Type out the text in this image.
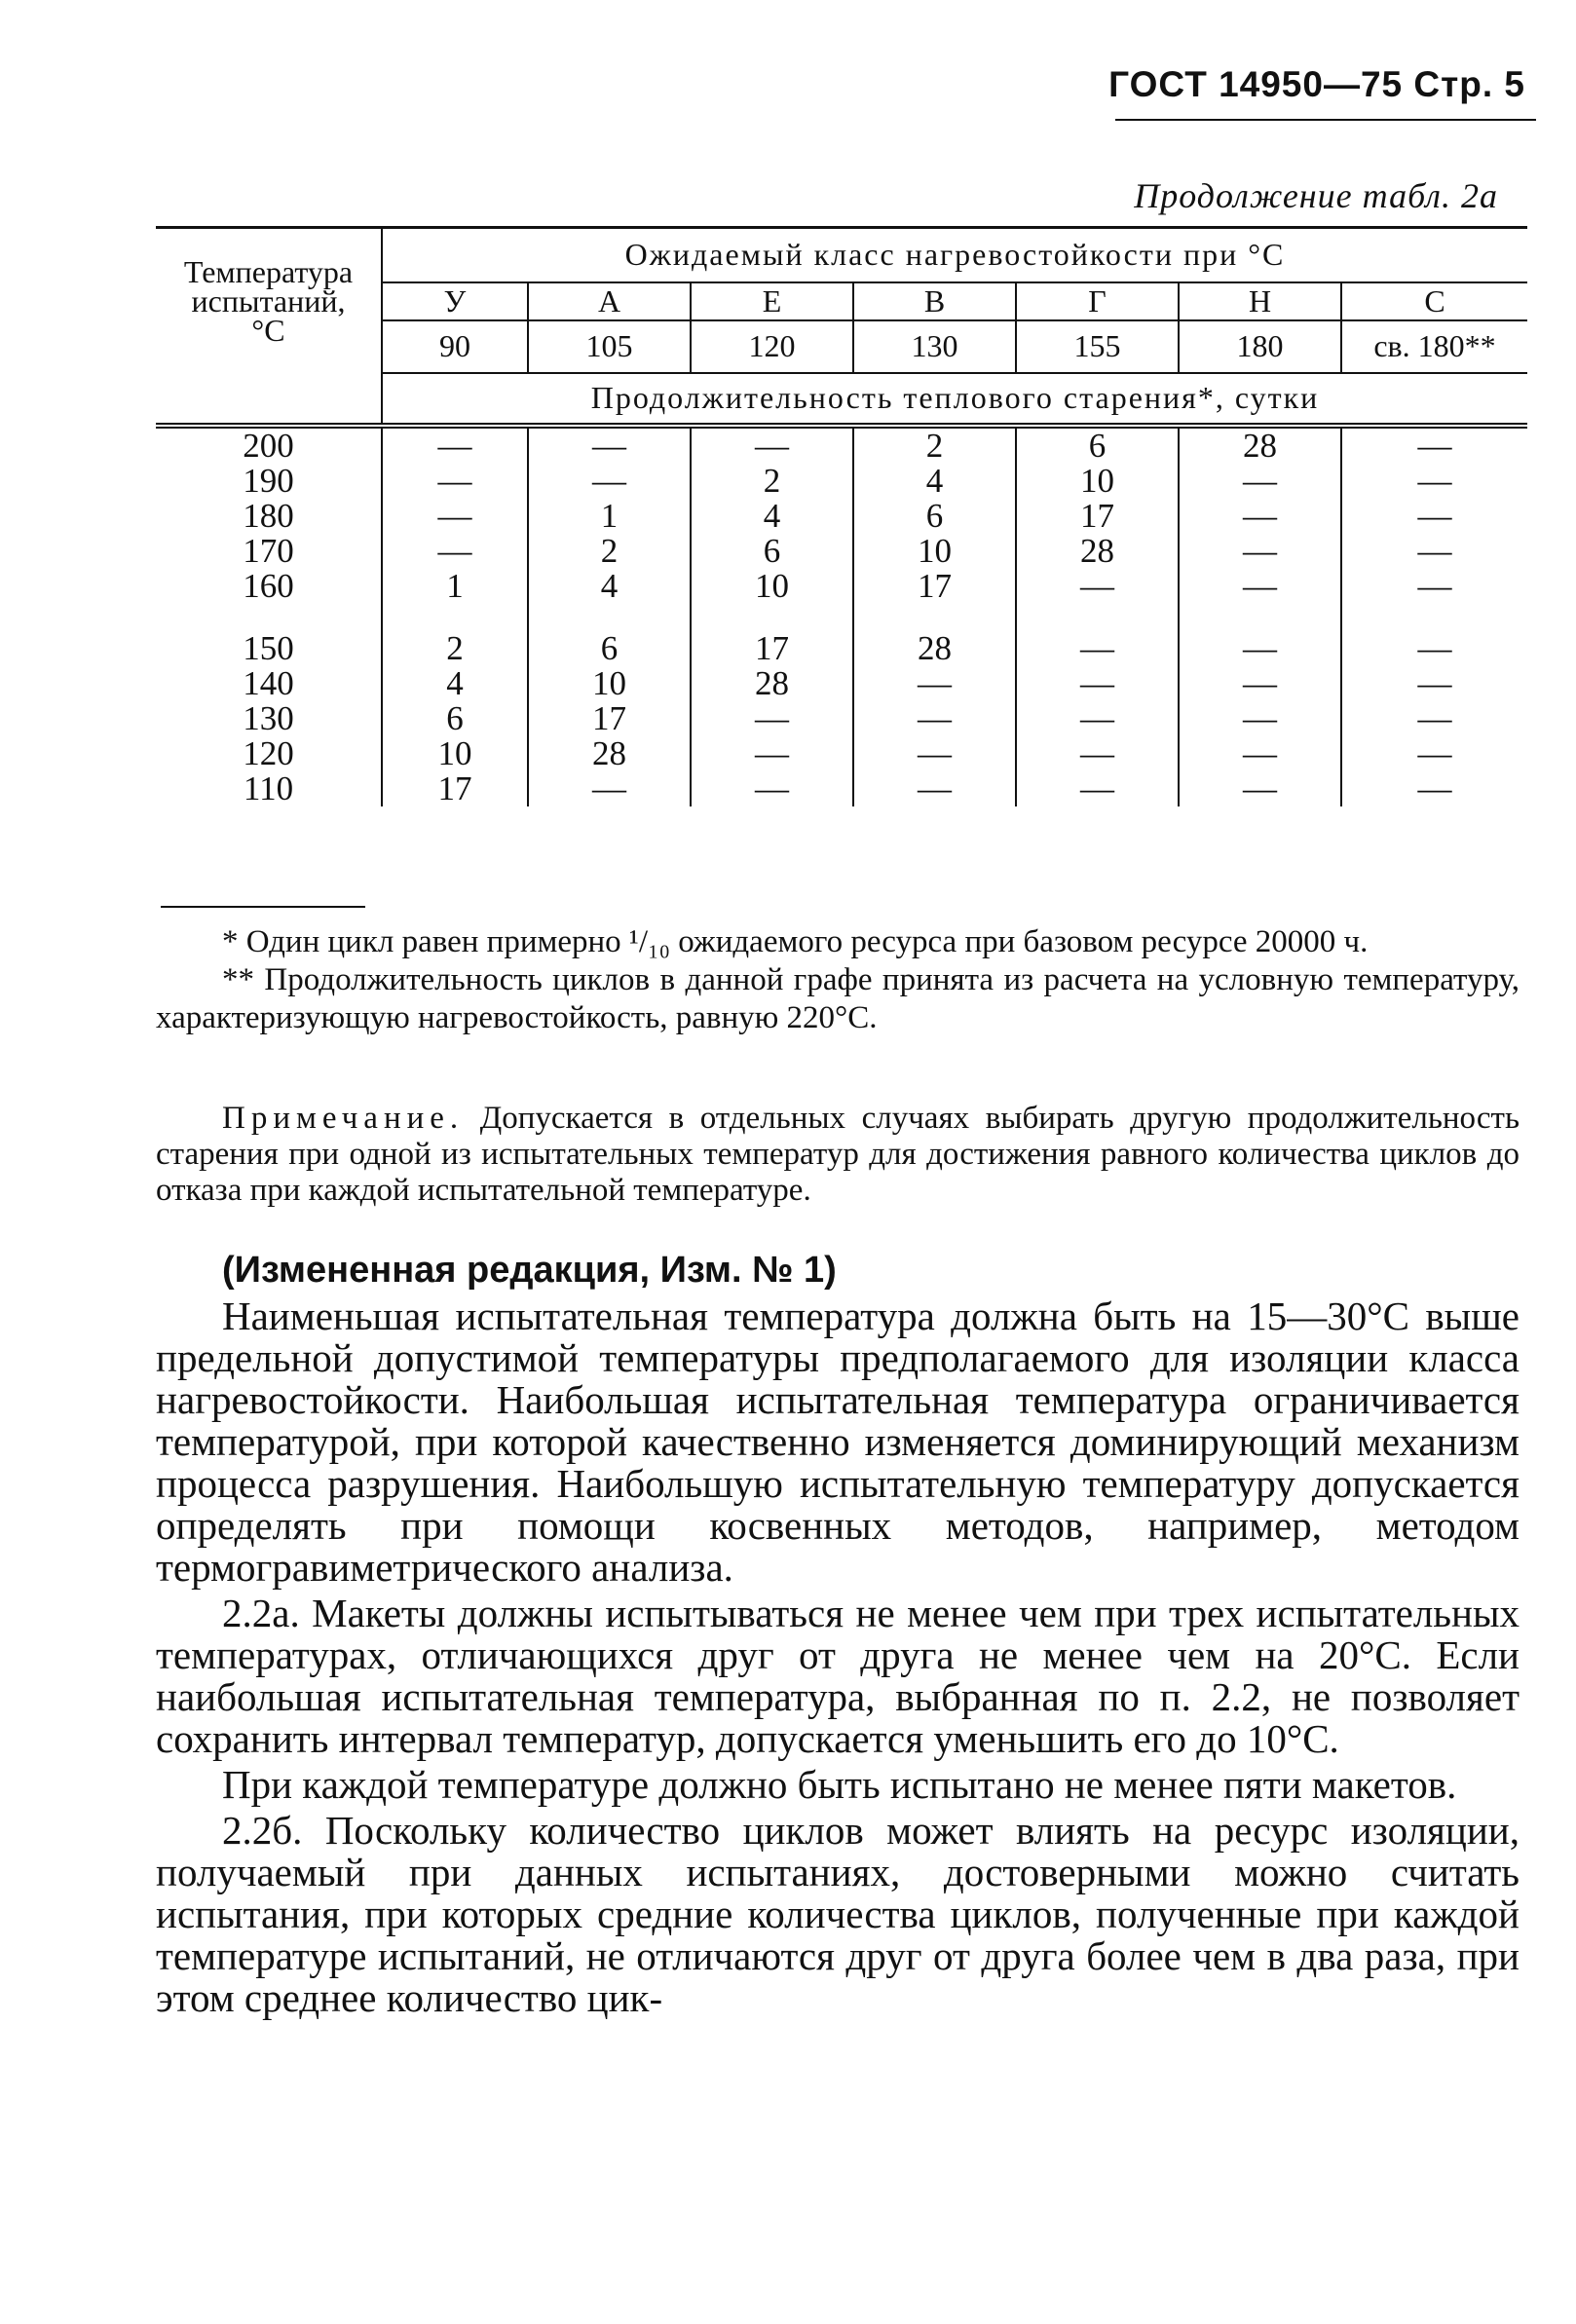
ГОСТ 14950—75 Стр. 5
Продолжение табл. 2а
Температура
испытаний,
°С	Ожидаемый класс нагревостойкости при °С						
	У	А	Е	В	Г	Н	С
	90	105	120	130	155	180	св. 180**
	Продолжительность теплового старения*, сутки						

200	—	—	—	2	6	28	—
190	—	—	2	4	10	—	—
180	—	1	4	6	17	—	—
170	—	2	6	10	28	—	—
160	1	4	10	17	—	—	—

150	2	6	17	28	—	—	—
140	4	10	28	—	—	—	—
130	6	17	—	—	—	—	—
120	10	28	—	—	—	—	—
110	17	—	—	—	—	—	—

* Один цикл равен примерно ¹/₁₀ ожидаемого ресурса при базовом ресурсе 20000 ч.

** Продолжительность циклов в данной графе принята из расчета на условную температуру, характеризующую нагревостойкость, равную 220°С.

Примечание. Допускается в отдельных случаях выбирать другую продолжительность старения при одной из испытательных температур для достижения равного количества циклов до отказа при каждой испытательной температуре.

(Измененная редакция, Изм. № 1)

Наименьшая испытательная температура должна быть на 15—30°С выше предельной допустимой температуры предполагаемого для изоляции класса нагревостойкости. Наибольшая испытательная температура ограничивается температурой, при которой качественно изменяется доминирующий механизм процесса разрушения. Наибольшую испытательную температуру допускается определять при помощи косвенных методов, например, методом термогравиметрического анализа.

2.2а. Макеты должны испытываться не менее чем при трех испытательных температурах, отличающихся друг от друга не менее чем на 20°С. Если наибольшая испытательная температура, выбранная по п. 2.2, не позволяет сохранить интервал температур, допускается уменьшить его до 10°С.

При каждой температуре должно быть испытано не менее пяти макетов.

2.2б. Поскольку количество циклов может влиять на ресурс изоляции, получаемый при данных испытаниях, достоверными можно считать испытания, при которых средние количества циклов, полученные при каждой температуре испытаний, не отличаются друг от друга более чем в два раза, при этом среднее количество цик-
